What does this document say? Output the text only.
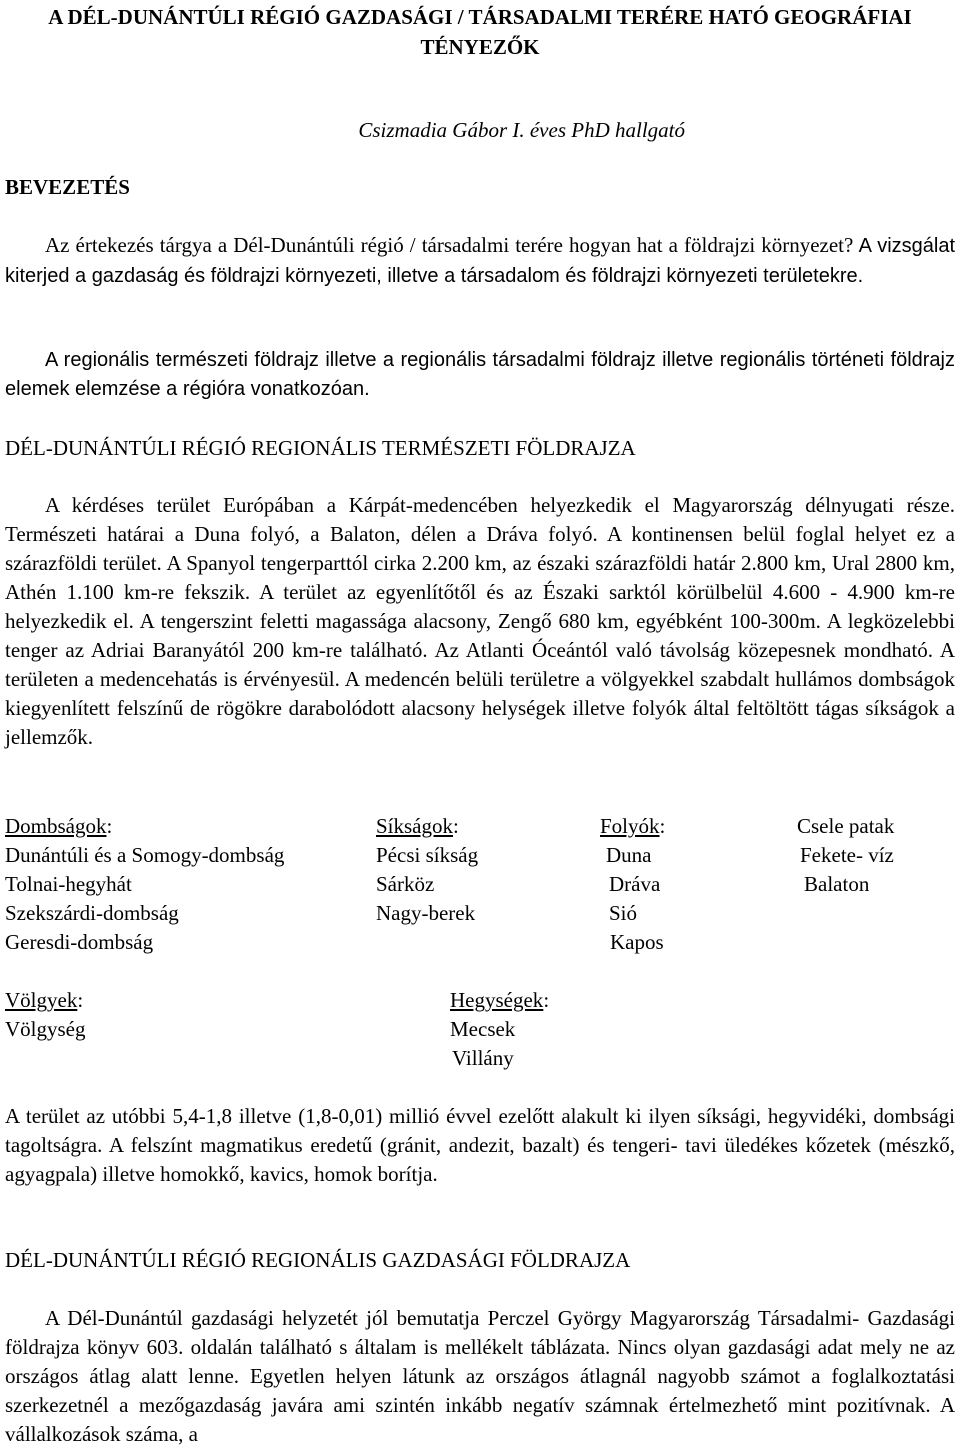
A DÉL-DUNÁNTÚLI RÉGIÓ GAZDASÁGI / TÁRSADALMI TERÉRE HATÓ GEOGRÁFIAI TÉNYEZŐK

Csizmadia Gábor I. éves PhD hallgató

BEVEZETÉS

Az értekezés tárgya a Dél-Dunántúli régió / társadalmi terére hogyan hat a földrajzi környezet? A vizsgálat kiterjed a gazdaság és földrajzi környezeti, illetve a társadalom és földrajzi környezeti területekre.

A regionális természeti földrajz illetve a regionális társadalmi földrajz illetve regionális történeti földrajz elemek elemzése a régióra vonatkozóan.

DÉL-DUNÁNTÚLI RÉGIÓ REGIONÁLIS TERMÉSZETI FÖLDRAJZA

A kérdéses terület Európában a Kárpát-medencében helyezkedik el Magyarország délnyugati része. Természeti határai a Duna folyó, a Balaton, délen a Dráva folyó. A kontinensen belül foglal helyet ez a szárazföldi terület. A Spanyol tengerparttól cirka 2.200 km, az északi szárazföldi határ 2.800 km, Ural 2800 km, Athén 1.100 km-re fekszik. A terület az egyenlítőtől és az Északi sarktól körülbelül 4.600 - 4.900 km-re helyezkedik el. A tengerszint feletti magassága alacsony, Zengő 680 km, egyébként 100-300m. A legközelebbi tenger az Adriai Baranyától 200 km-re található. Az Atlanti Óceántól való távolság közepesnek mondható. A területen a medencehatás is érvényesül. A medencén belüli területre a völgyekkel szabdalt hullámos dombságok kiegyenlített felszínű de rögökre darabolódott alacsony helységek illetve folyók által feltöltött tágas síkságok a jellemzők.

Dombságok:
Dunántúli és a Somogy-dombság
Tolnai-hegyhát
Szekszárdi-dombság
Geresdi-dombság
Síkságok:
Pécsi síkság
Sárköz
Nagy-berek
Folyók:
Duna
Dráva
Sió
Kapos
Csele patak
Fekete- víz
Balaton
Völgyek:
Völgység
Hegységek:
Mecsek
Villány

A terület az utóbbi 5,4-1,8 illetve (1,8-0,01) millió évvel ezelőtt alakult ki ilyen síksági, hegyvidéki, dombsági tagoltságra. A felszínt magmatikus eredetű (gránit, andezit, bazalt) és tengeri- tavi üledékes kőzetek (mészkő, agyagpala) illetve homokkő, kavics, homok borítja.

DÉL-DUNÁNTÚLI RÉGIÓ REGIONÁLIS GAZDASÁGI FÖLDRAJZA

A Dél-Dunántúl gazdasági helyzetét jól bemutatja Perczel György Magyarország Társadalmi- Gazdasági földrajza könyv 603. oldalán található s általam is mellékelt táblázata. Nincs olyan gazdasági adat mely ne az országos átlag alatt lenne. Egyetlen helyen látunk az országos átlagnál nagyobb számot a foglalkoztatási szerkezetnél a mezőgazdaság javára ami szintén inkább negatív számnak értelmezhető mint pozitívnak. A vállalkozások száma, a
